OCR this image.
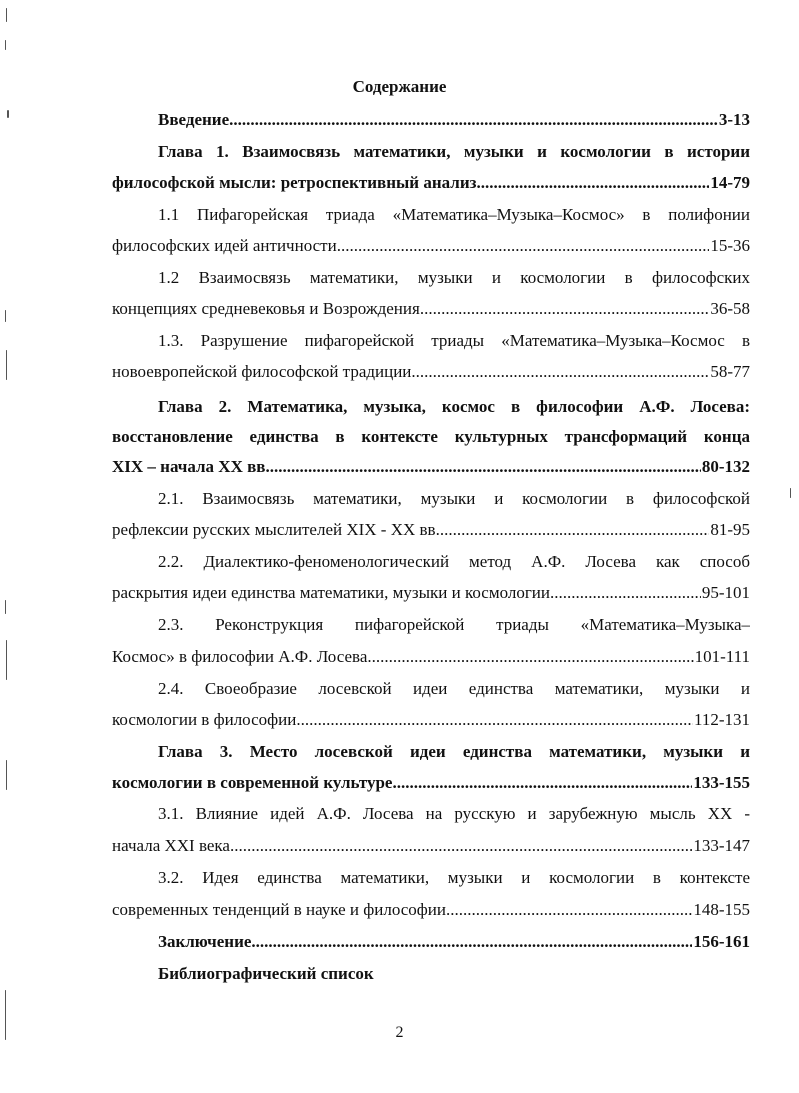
Содержание
Введение .....	3-13
Глава 1. Взаимосвязь математики, музыки и космологии в истории
философской мысли: ретроспективный анализ .....	14-79
1.1 Пифагорейская триада «Математика–Музыка–Космос» в полифонии
философских идей античности .....	15-36
1.2 Взаимосвязь математики, музыки и космологии в философских
концепциях средневековья и Возрождения .....	36-58
1.3. Разрушение пифагорейской триады «Математика–Музыка–Космос в
новоевропейской философской традиции .....	58-77
Глава 2. Математика, музыка, космос в философии А.Ф. Лосева:
восстановление единства в контексте культурных трансформаций конца
XIX – начала XX вв .....	80-132
2.1. Взаимосвязь математики, музыки и космологии в философской
рефлексии русских мыслителей XIX - XX вв .....	81-95
2.2. Диалектико-феноменологический метод А.Ф. Лосева как способ
раскрытия идеи единства математики, музыки и космологии .....	95-101
2.3. Реконструкция пифагорейской триады «Математика–Музыка–
Космос» в философии А.Ф. Лосева .....	101-111
2.4. Своеобразие лосевской идеи единства математики, музыки и
космологии в философии .....	112-131
Глава 3. Место лосевской идеи единства математики, музыки и
космологии в современной культуре .....	133-155
3.1. Влияние идей А.Ф. Лосева на русскую и зарубежную мысль XX -
начала XXI века .....	133-147
3.2. Идея единства математики, музыки и космологии в контексте
современных тенденций в науке и философии .....	148-155
Заключение .....	156-161
Библиографический список
2
